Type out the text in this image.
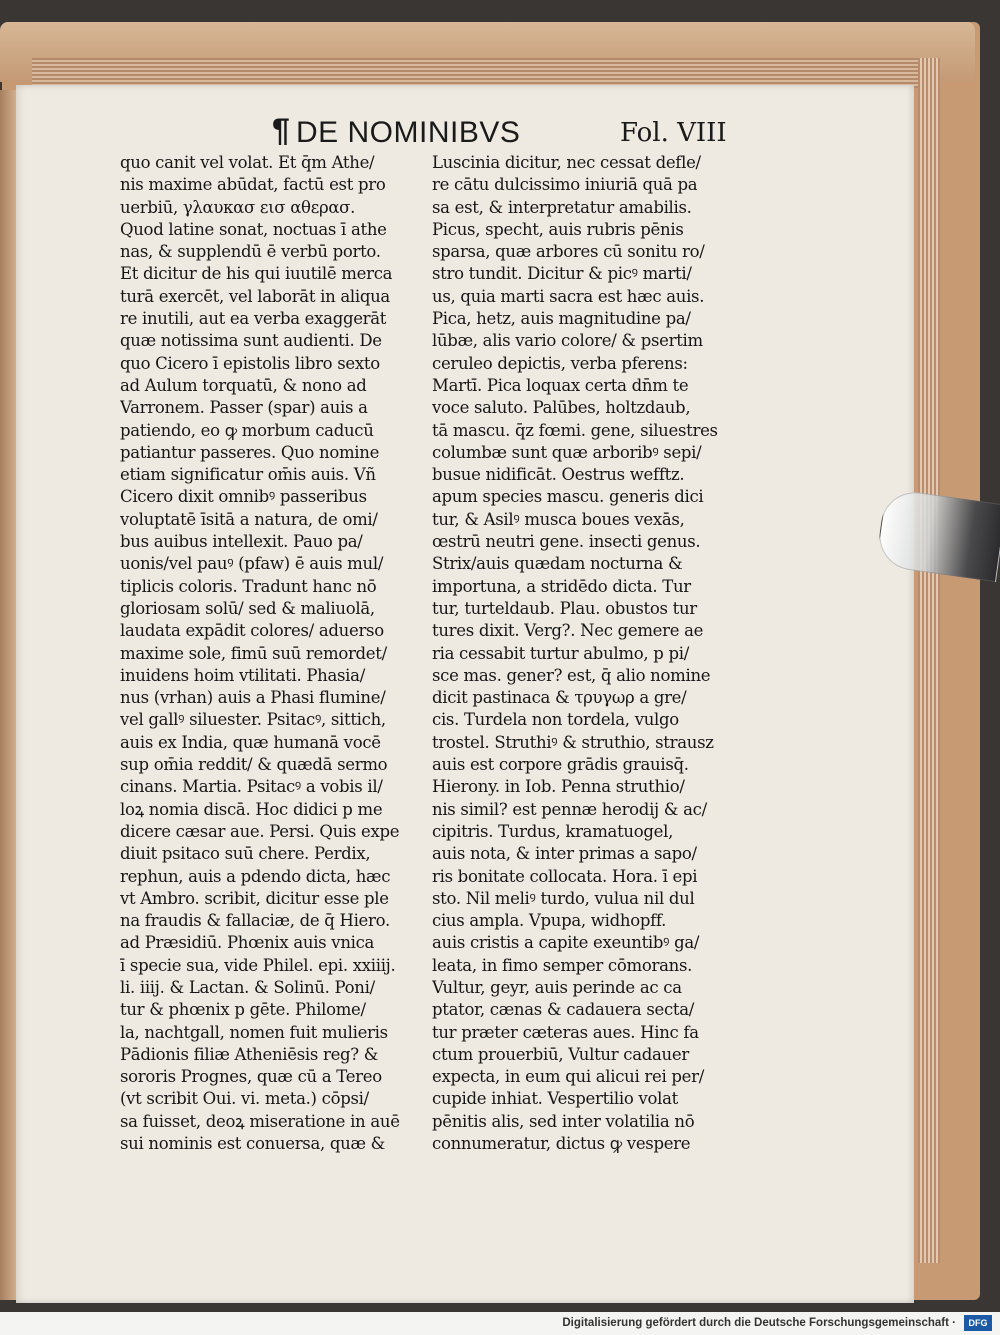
¶ DE NOMINIBVS	Fol. VIII
quo canit vel volat. Et q̄m Athe/
nis maxime abūdat, factū est pro
uerbiū, γλαυκασ εισ αθερασ.
Quod latine sonat, noctuas ī athe
nas, & supplendū ē verbū porto.
Et dicitur de his qui iuutilē merca
turā exercēt, vel laborāt in aliqua
re inutili, aut ea verba exaggerāt
quæ notissima sunt audienti. De
quo Cicero ī epistolis libro sexto
ad Aulum torquatū, & nono ad
Varronem. Passer (spar) auis a
patiendo, eo ꝙ morbum caducū
patiantur passeres. Quo nomine
etiam significatur om̄is auis. Vñ
Cicero dixit omnibꝰ passeribus
voluptatē īsitā a natura, de omi/
bus auibus intellexit. Pauo pa/
uonis/vel pauꝰ (pfaw) ē auis mul/
tiplicis coloris. Tradunt hanc nō
gloriosam solū/ sed & maliuolā,
laudata expādit colores/ aduerso
maxime sole, fimū suū remordet/
inuidens hoim vtilitati. Phasia/
nus (vrhan) auis a Phasi flumine/
vel gallꝰ siluester. Psitacꝰ, sittich,
auis ex India, quæ humanā vocē
sup om̄ia reddit/ & quædā sermo
cinans. Martia. Psitacꝰ a vobis il/
loꝝ nomia discā. Hoc didici p me
dicere cæsar aue. Persi. Quis expe
diuit psitaco suū chere. Perdix,
rephun, auis a pdendo dicta, hæc
vt Ambro. scribit, dicitur esse ple
na fraudis & fallaciæ, de q̄ Hiero.
ad Præsidiū. Phœnix auis vnica
ī specie sua, vide Philel. epi. xxiiij.
li. iiij. & Lactan. & Solinū. Poni/
tur & phœnix p gēte. Philome/
la, nachtgall, nomen fuit mulieris
Pādionis filiæ Atheniēsis reg? &
sororis Prognes, quæ cū a Tereo
(vt scribit Oui. vi. meta.) cōpsi/
sa fuisset, deoꝝ miseratione in auē
sui nominis est conuersa, quæ &
Luscinia dicitur, nec cessat defle/
re cātu dulcissimo iniuriā quā pa
sa est, & interpretatur amabilis.
Picus, specht, auis rubris pēnis
sparsa, quæ arbores cū sonitu ro/
stro tundit. Dicitur & picꝰ marti/
us, quia marti sacra est hæc auis.
Pica, hetz, auis magnitudine pa/
lūbæ, alis vario colore/ & psertim
ceruleo depictis, verba pferens:
Martī. Pica loquax certa dn̄m te
voce saluto. Palūbes, holtzdaub,
tā mascu. q̄z fœmi. gene, siluestres
columbæ sunt quæ arboribꝰ sepi/
busue nidificāt. Oestrus wefftz.
apum species mascu. generis dici
tur, & Asilꝰ musca boues vexās,
œstrū neutri gene. insecti genus.
Strix/auis quædam nocturna &
importuna, a stridēdo dicta. Tur
tur, turteldaub. Plau. obustos tur
tures dixit. Verg?. Nec gemere ae
ria cessabit turtur abulmo, p pi/
sce mas. gener? est, q̄ alio nomine
dicit pastinaca & τρυγωρ a gre/
cis. Turdela non tordela, vulgo
trostel. Struthiꝰ & struthio, strausz
auis est corpore grādis grauisq̄.
Hierony. in Iob. Penna struthio/
nis simil? est pennæ herodij & ac/
cipitris. Turdus, kramatuogel,
auis nota, & inter primas a sapo/
ris bonitate collocata. Hora. ī epi
sto. Nil meliꝰ turdo, vulua nil dul
cius ampla. Vpupa, widhopff.
auis cristis a capite exeuntibꝰ ga/
leata, in fimo semper cōmorans.
Vultur, geyr, auis perinde ac ca
ptator, cænas & cadauera secta/
tur præter cæteras aues. Hinc fa
ctum prouerbiū, Vultur cadauer
expecta, in eum qui alicui rei per/
cupide inhiat. Vespertilio volat
pēnitis alis, sed inter volatilia nō
connumeratur, dictus ꝙ vespere
Digitalisierung gefördert durch die Deutsche Forschungsgemeinschaft ·	DFG
